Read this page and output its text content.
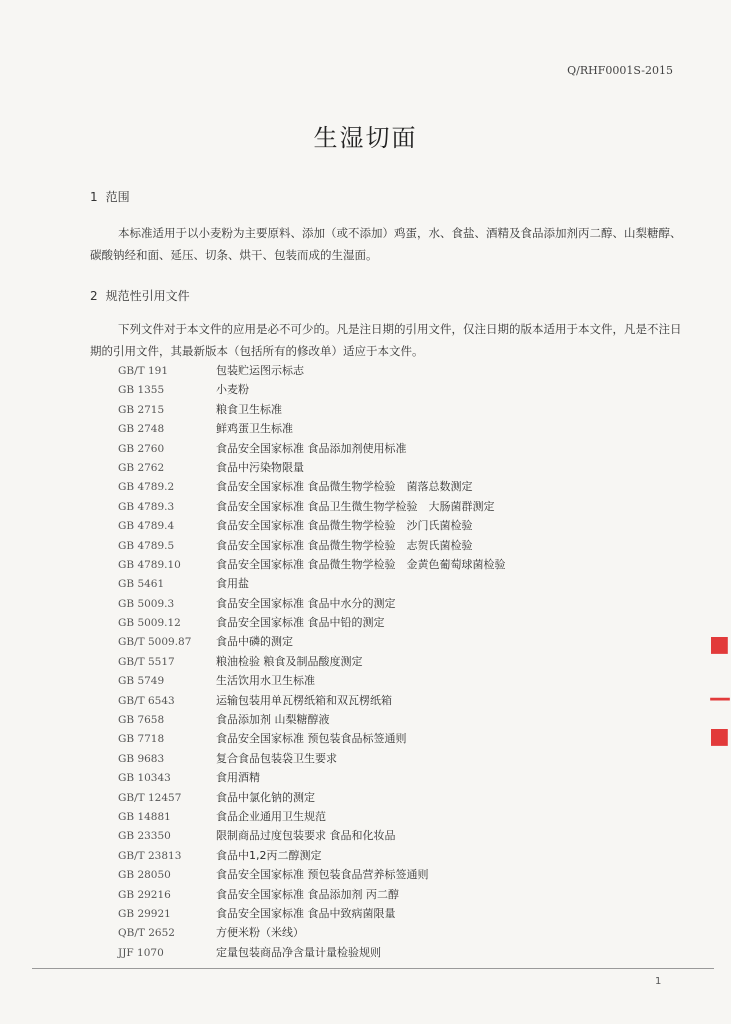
Q/RHF0001S-2015
生湿切面
1 范围
本标准适用于以小麦粉为主要原料、添加（或不添加）鸡蛋，水、食盐、酒精及食品添加剂丙二醇、山梨糖醇、碳酸钠经和面、延压、切条、烘干、包装而成的生湿面。
2 规范性引用文件
下列文件对于本文件的应用是必不可少的。凡是注日期的引用文件，仅注日期的版本适用于本文件，凡是不注日期的引用文件，其最新版本（包括所有的修改单）适应于本文件。
GB/T 191	包装贮运图示标志
GB 1355	小麦粉
GB 2715	粮食卫生标准
GB 2748	鲜鸡蛋卫生标准
GB 2760	食品安全国家标准 食品添加剂使用标准
GB 2762	食品中污染物限量
GB 4789.2	食品安全国家标准 食品微生物学检验　菌落总数测定
GB 4789.3	食品安全国家标准 食品卫生微生物学检验　大肠菌群测定
GB 4789.4	食品安全国家标准 食品微生物学检验　沙门氏菌检验
GB 4789.5	食品安全国家标准 食品微生物学检验　志贺氏菌检验
GB 4789.10	食品安全国家标准 食品微生物学检验　金黄色葡萄球菌检验
GB 5461	食用盐
GB 5009.3	食品安全国家标准 食品中水分的测定
GB 5009.12	食品安全国家标准 食品中铅的测定
GB/T 5009.87 食品中磷的测定
GB/T 5517	粮油检验 粮食及制品酸度测定
GB 5749	生活饮用水卫生标准
GB/T 6543	运输包装用单瓦楞纸箱和双瓦楞纸箱
GB 7658	食品添加剂 山梨糖醇液
GB 7718	食品安全国家标准 预包装食品标签通则
GB 9683	复合食品包装袋卫生要求
GB 10343	食用酒精
GB/T 12457	食品中氯化钠的测定
GB 14881	食品企业通用卫生规范
GB 23350	限制商品过度包装要求 食品和化妆品
GB/T 23813	食品中1,2丙二醇测定
GB 28050	食品安全国家标准 预包装食品营养标签通则
GB 29216	食品安全国家标准 食品添加剂 丙二醇
GB 29921	食品安全国家标准 食品中致病菌限量
QB/T 2652	方便米粉（米线）
JJF 1070	定量包装商品净含量计量检验规则
1
■
—
■
